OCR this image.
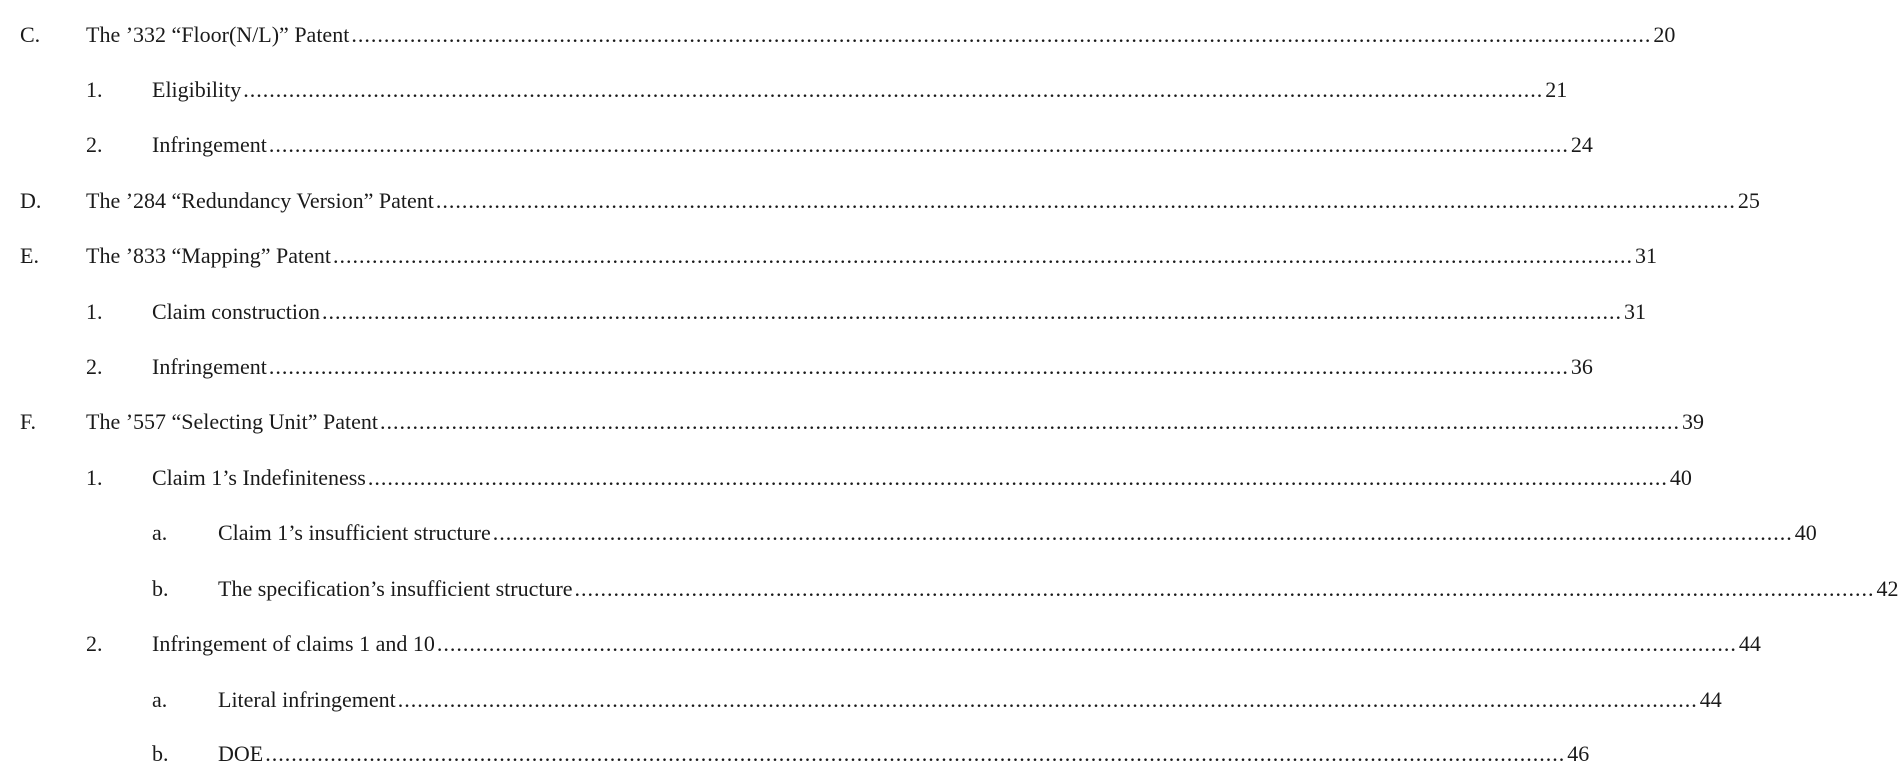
C. The ’332 “Floor(N/L)” Patent ........................................................................................................................................................................................................ 20
1. Eligibility ........................................................................................................................................................................................................ 21
2. Infringement ........................................................................................................................................................................................................ 24
D. The ’284 “Redundancy Version” Patent ........................................................................................................................................................................................................ 25
E. The ’833 “Mapping” Patent ........................................................................................................................................................................................................ 31
1. Claim construction ........................................................................................................................................................................................................ 31
2. Infringement ........................................................................................................................................................................................................ 36
F. The ’557 “Selecting Unit” Patent ........................................................................................................................................................................................................ 39
1. Claim 1’s Indefiniteness ........................................................................................................................................................................................................ 40
a. Claim 1’s insufficient structure ........................................................................................................................................................................................................ 40
b. The specification’s insufficient structure ........................................................................................................................................................................................................ 42
2. Infringement of claims 1 and 10 ........................................................................................................................................................................................................ 44
a. Literal infringement ........................................................................................................................................................................................................ 44
b. DOE ........................................................................................................................................................................................................ 46
